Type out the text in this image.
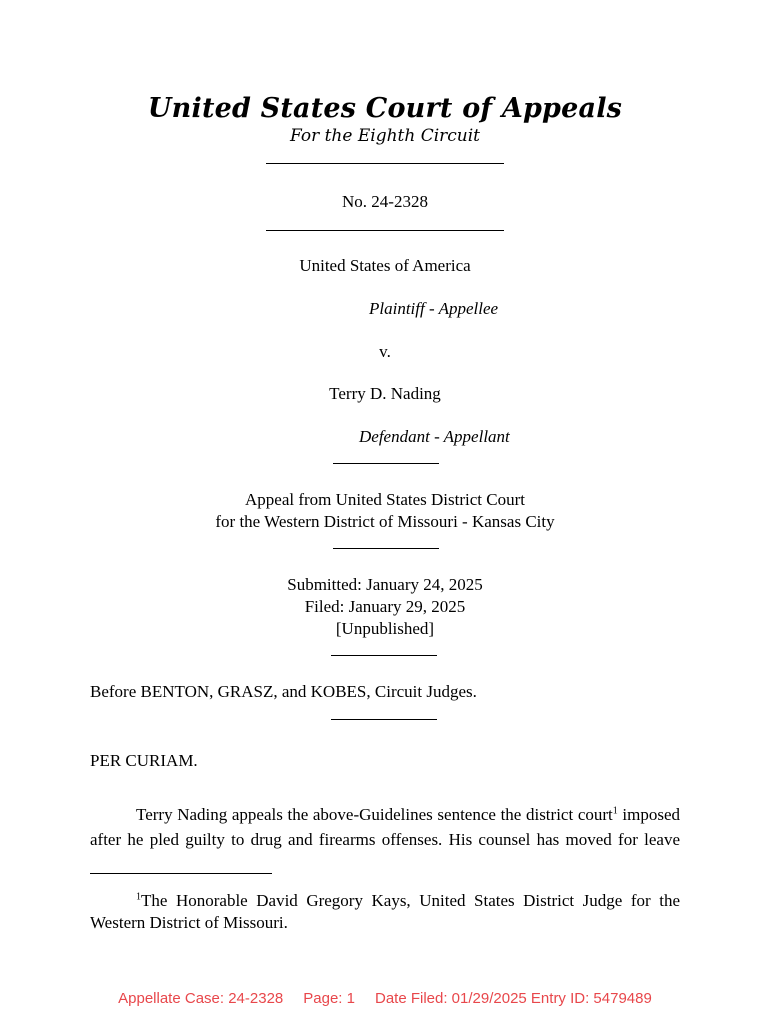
United States Court of Appeals
For the Eighth Circuit
No. 24-2328
United States of America
Plaintiff - Appellee
v.
Terry D. Nading
Defendant - Appellant
Appeal from United States District Court
for the Western District of Missouri - Kansas City
Submitted: January 24, 2025
Filed: January 29, 2025
[Unpublished]
Before BENTON, GRASZ, and KOBES, Circuit Judges.
PER CURIAM.
Terry Nading appeals the above-Guidelines sentence the district court$^1$ imposed
after he pled guilty to drug and firearms offenses. His counsel has moved for leave
$^1$The Honorable David Gregory Kays, United States District Judge for the
Western District of Missouri.
Appellate Case: 24-2328 Page: 1 Date Filed: 01/29/2025 Entry ID: 5479489
